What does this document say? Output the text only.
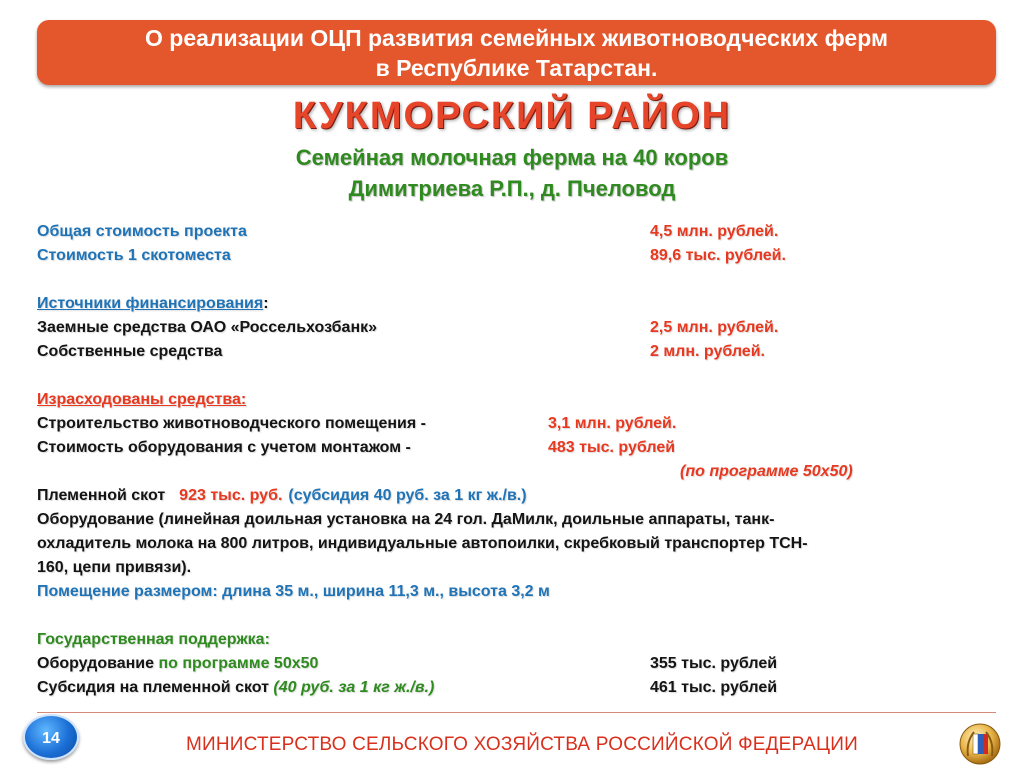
О реализации ОЦП развития семейных животноводческих ферм
в Республике Татарстан.
КУКМОРСКИЙ РАЙОН
Семейная молочная ферма на 40 коров
Димитриева Р.П., д. Пчеловод
Общая стоимость проекта	4,5 млн. рублей.
Стоимость 1 скотоместа	89,6 тыс. рублей.
Источники финансирования:
Заемные средства ОАО «Россельхозбанк»	2,5 млн. рублей.
Собственные средства	2 млн. рублей.
Израсходованы средства:
Строительство животноводческого помещения -	3,1 млн. рублей.
Стоимость оборудования с учетом монтажом -	483 тыс. рублей
(по программе 50х50)
Племенной скот 923 тыс. руб. (субсидия 40 руб. за 1 кг ж./в.)
Оборудование (линейная доильная установка на 24 гол. ДаМилк, доильные аппараты, танк-
охладитель молока на 800 литров, индивидуальные автопоилки, скребковый транспортер ТСН-
160, цепи привязи).
Помещение размером: длина 35 м., ширина 11,3 м., высота 3,2 м
Государственная поддержка:
Оборудование по программе 50х50	355 тыс. рублей
Субсидия на племенной скот (40 руб. за 1 кг ж./в.)	461 тыс. рублей
14	МИНИСТЕРСТВО СЕЛЬСКОГО ХОЗЯЙСТВА РОССИЙСКОЙ ФЕДЕРАЦИИ
